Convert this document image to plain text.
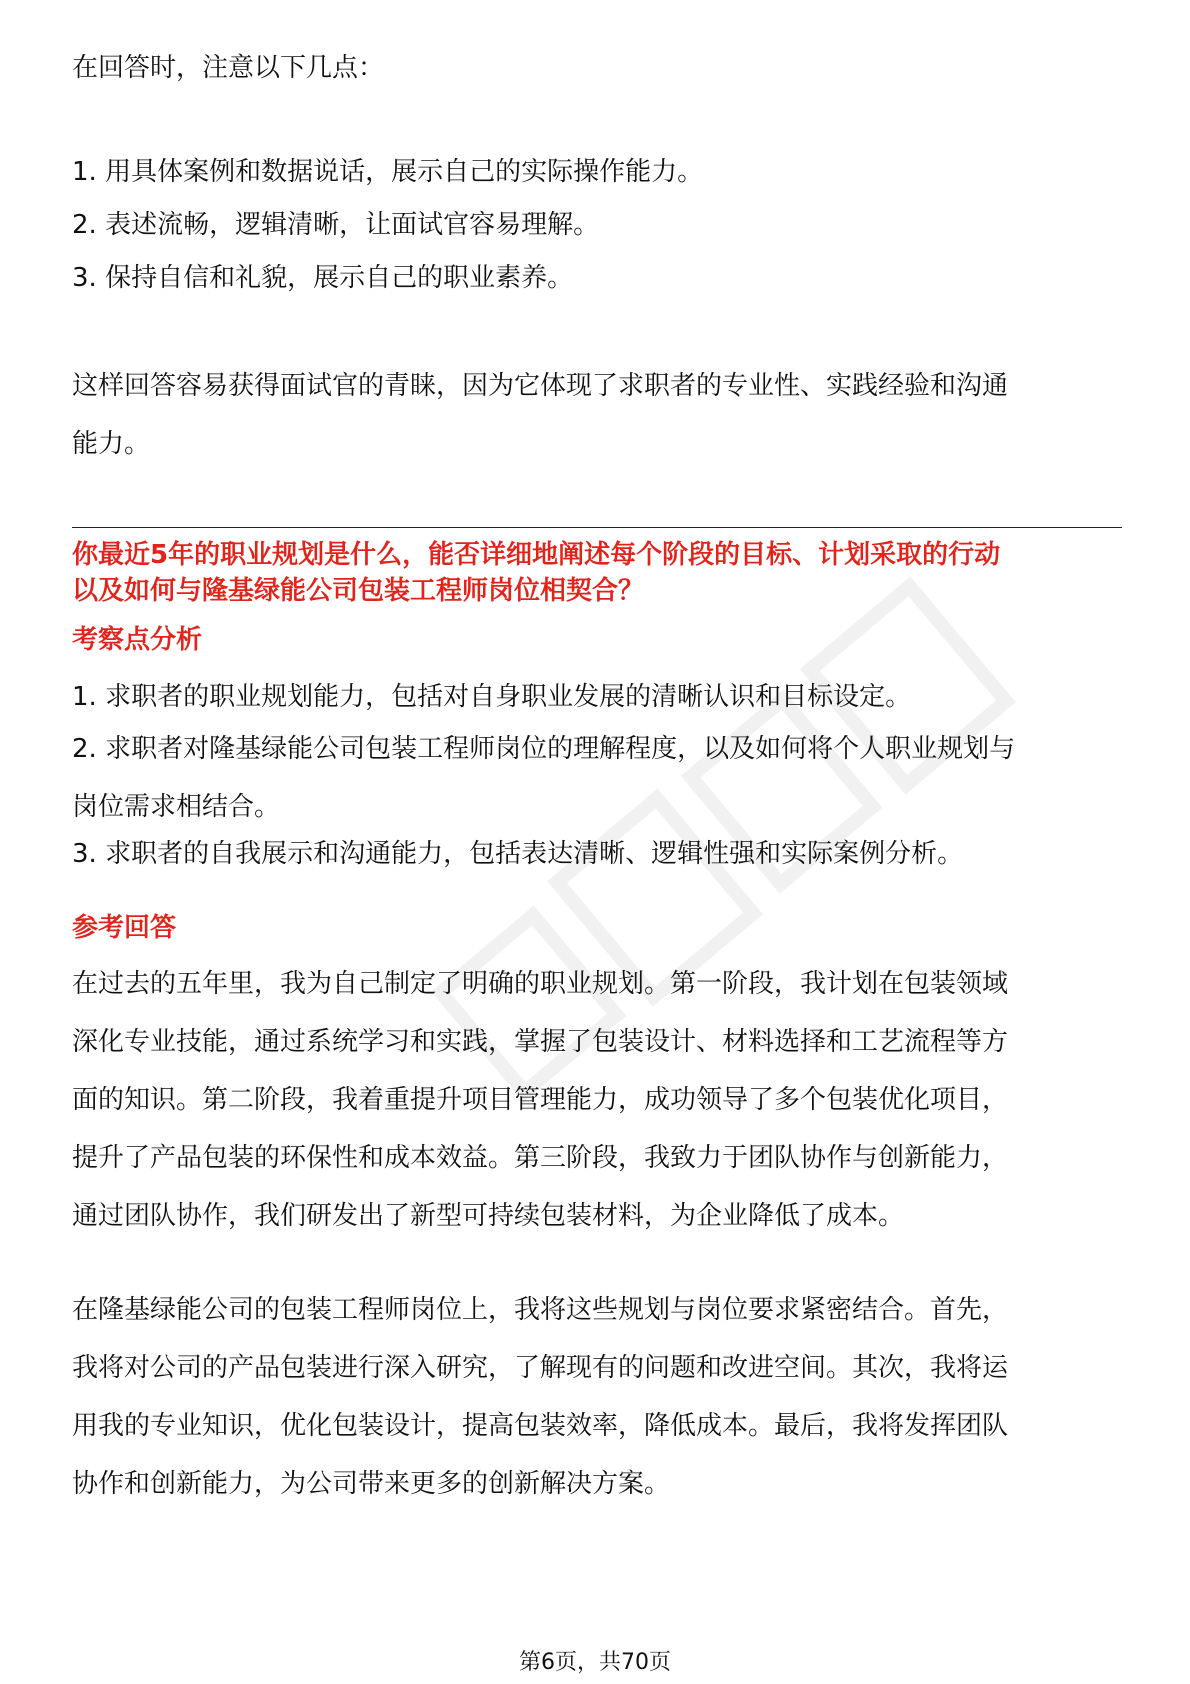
在回答时，注意以下几点：

1. 用具体案例和数据说话，展示自己的实际操作能力。

2. 表述流畅，逻辑清晰，让面试官容易理解。

3. 保持自信和礼貌，展示自己的职业素养。

这样回答容易获得面试官的青睐，因为它体现了求职者的专业性、实践经验和沟通
能力。
你最近5年的职业规划是什么，能否详细地阐述每个阶段的目标、计划采取的行动
以及如何与隆基绿能公司包装工程师岗位相契合？

考察点分析

1. 求职者的职业规划能力，包括对自身职业发展的清晰认识和目标设定。

2. 求职者对隆基绿能公司包装工程师岗位的理解程度，以及如何将个人职业规划与
岗位需求相结合。

3. 求职者的自我展示和沟通能力，包括表达清晰、逻辑性强和实际案例分析。

参考回答

在过去的五年里，我为自己制定了明确的职业规划。第一阶段，我计划在包装领域
深化专业技能，通过系统学习和实践，掌握了包装设计、材料选择和工艺流程等方
面的知识。第二阶段，我着重提升项目管理能力，成功领导了多个包装优化项目，
提升了产品包装的环保性和成本效益。第三阶段，我致力于团队协作与创新能力，
通过团队协作，我们研发出了新型可持续包装材料，为企业降低了成本。
在隆基绿能公司的包装工程师岗位上，我将这些规划与岗位要求紧密结合。首先，
我将对公司的产品包装进行深入研究，了解现有的问题和改进空间。其次，我将运
用我的专业知识，优化包装设计，提高包装效率，降低成本。最后，我将发挥团队
协作和创新能力，为公司带来更多的创新解决方案。
第6页，共70页
